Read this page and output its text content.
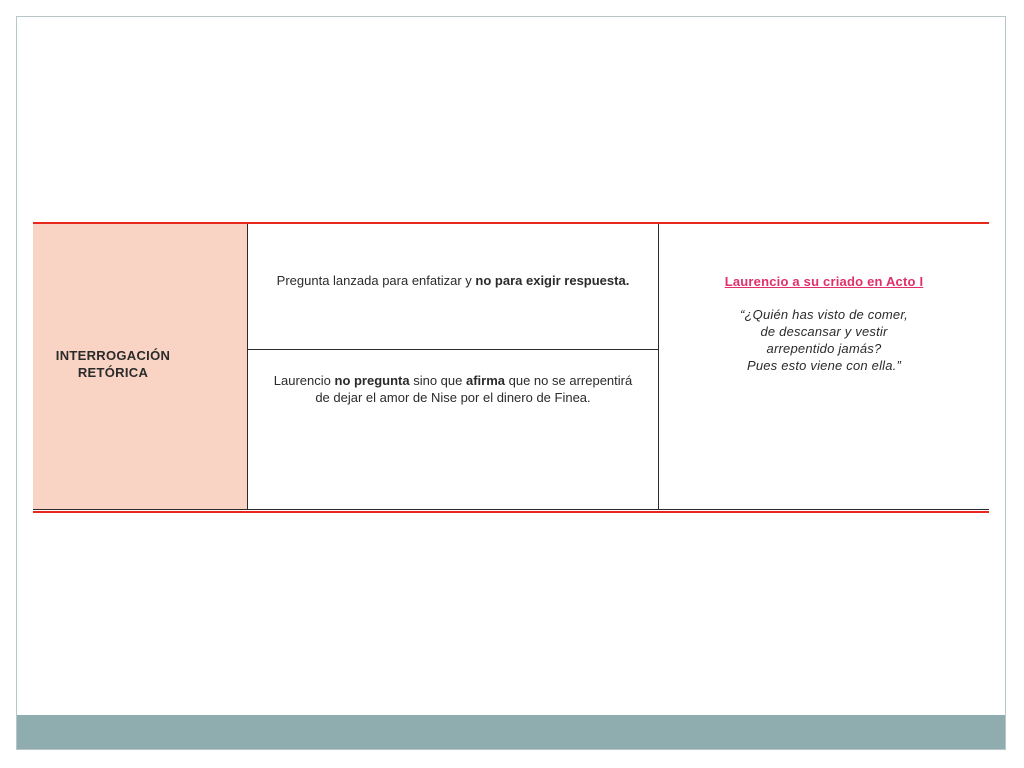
INTERROGACIÓN
RETÓRICA
Pregunta lanzada para enfatizar y no para exigir respuesta.
Laurencio no pregunta sino que afirma que no se arrepentirá de dejar el amor de Nise por el dinero de Finea.
Laurencio a su criado en Acto I
“¿Quién has visto de comer,
de descansar y vestir
arrepentido jamás?
Pues esto viene con ella.”
